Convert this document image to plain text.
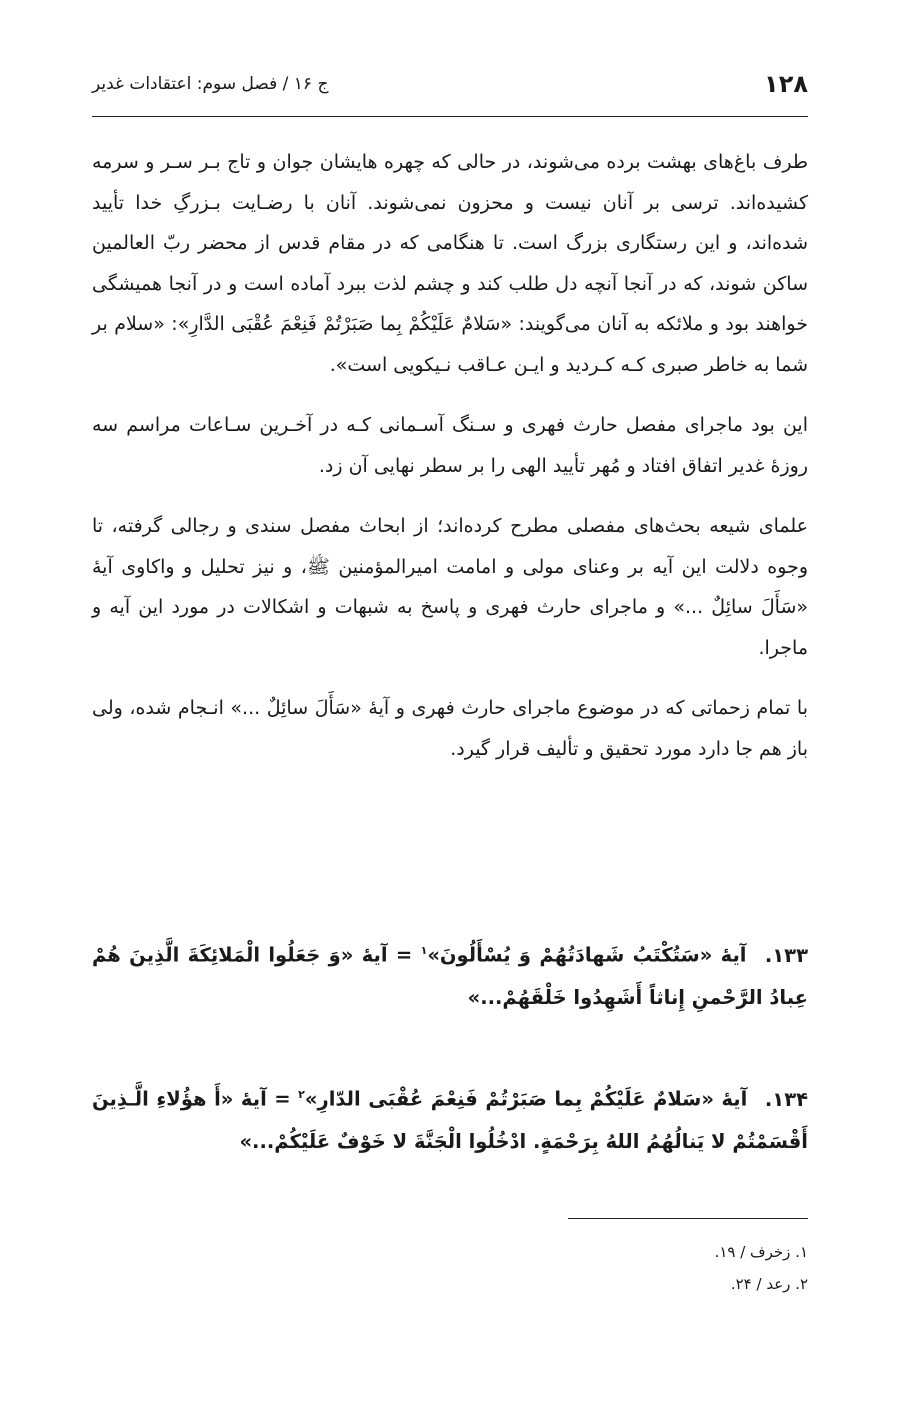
۱۲۸
ج ۱۶ / فصل سوم: اعتقادات غدیر

طرف باغ‌های بهشت برده می‌شوند، در حالی که چهره هایشان جوان و تاج بـر سـر و سرمه کشیده‌اند. ترسی بر آنان نیست و محزون نمی‌شوند. آنان با رضـایت بـزرگِ خدا تأیید شده‌اند، و این رستگاری بزرگ است. تا هنگامی که در مقام قدس از محضر ربّ العالمین ساکن شوند، که در آنجا آنچه دل طلب کند و چشم لذت ببرد آماده است و در آنجا همیشگی خواهند بود و ملائکه به آنان می‌گویند: «سَلامٌ عَلَيْكُمْ بِما صَبَرْتُمْ فَنِعْمَ عُقْبَى الدَّارِ»: «سلام بر شما به خاطر صبری کـه کـردید و ایـن عـاقب نـیکویی است».

این بود ماجرای مفصل حارث فهری و سـنگ آسـمانی کـه در آخـرین سـاعات مراسم سه روزهٔ غدیر اتفاق افتاد و مُهر تأیید الهی را بر سطر نهایی آن زد.

علمای شیعه بحث‌های مفصلی مطرح کرده‌اند؛ از ابحاث مفصل سندی و رجالی گرفته، تا وجوه دلالت این آیه بر وعنای مولی و امامت امیرالمؤمنین ﷺ، و نیز تحلیل و واکاوی آیهٔ «سَأَلَ سائِلٌ ...» و ماجرای حارث فهری و پاسخ به شبهات و اشکالات در مورد این آیه و ماجرا.

با تمام زحماتی که در موضوع ماجرای حارث فهری و آیهٔ «سَأَلَ سائِلٌ ...» انـجام شده، ولی باز هم جا دارد مورد تحقیق و تألیف قرار گیرد.

۱۳۳. آیهٔ «سَتُكْتَبُ شَهادَتُهُمْ وَ يُسْأَلُونَ»$^۱$ = آیهٔ «وَ جَعَلُوا الْمَلائِكَةَ الَّذِينَ هُمْ عِبادُ الرَّحْمنِ إِناثاً أَشَهِدُوا خَلْقَهُمْ...»

۱۳۴. آیهٔ «سَلامٌ عَلَيْكُمْ بِما صَبَرْتُمْ فَنِعْمَ عُقْبَى الدّارِ»$^۲$ = آیهٔ «أَ هؤُلاءِ الَّـذِينَ أَقْسَمْتُمْ لا يَنالُهُمُ اللهُ بِرَحْمَةٍ. ادْخُلُوا الْجَنَّةَ لا خَوْفٌ عَلَيْكُمْ...»

۱. زخرف / ۱۹.
۲. رعد / ۲۴.
